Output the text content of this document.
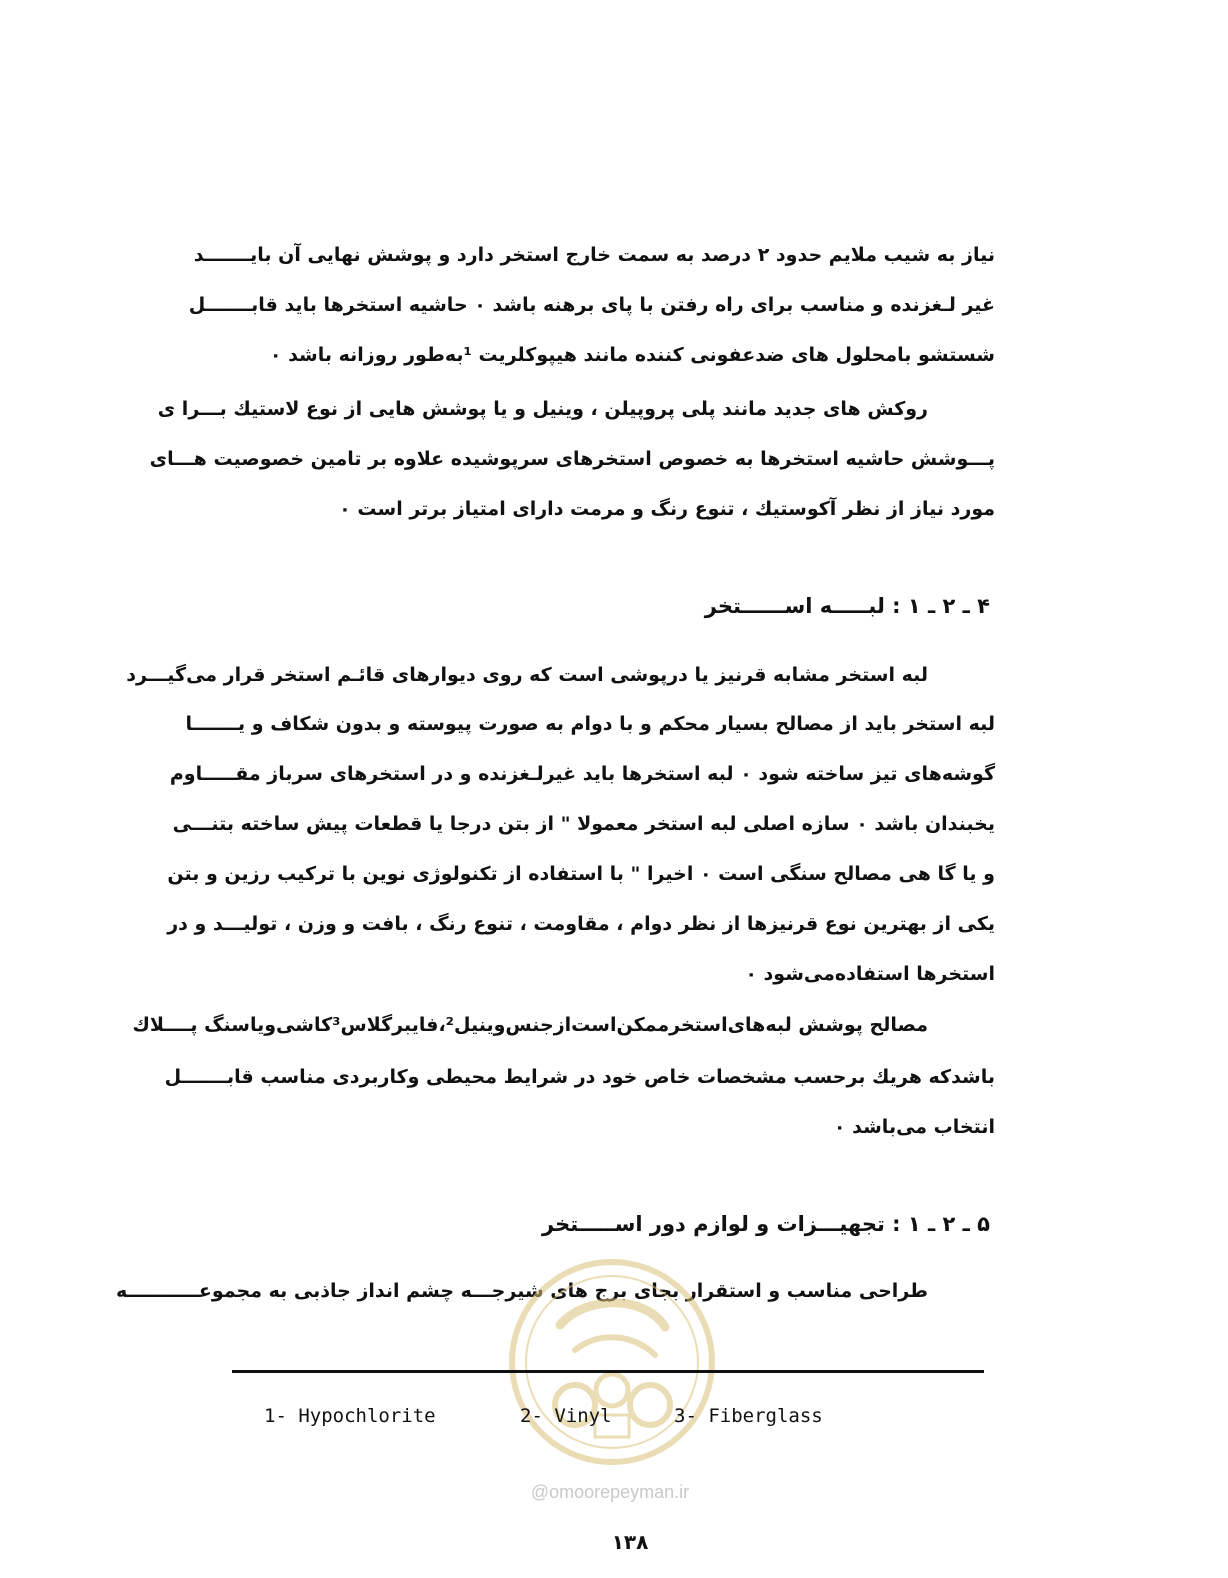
نیاز به شیب ملایم حدود ۲ درصد به سمت خارج استخر دارد و پوشش نهایی آن بایـــــــد
غیر لـغزنده و مناسب برای راه رفتن با پای برهنه باشد ٠ حاشیه استخرها باید قابـــــــل
شستشو بامحلول های ضدعفونی کننده مانند هیپوکلریت ¹به‌طور روزانه باشد ٠
روکش های جدید مانند پلی پروپیلن ، وینیل و یا پوشش هایی از نوع لاستیك بـــرا ی
پـــوشش حاشیه استخرها به خصوص استخرهای سرپوشیده علاوه بر تامین خصوصیت هـــای
مورد نیاز از نظر آکوستیك ، تنوع رنگ و مرمت دارای امتیاز برتر است ٠
۴ ـ ۲ ـ ۱ : لبـــــه اســــــتخر
لبه استخر مشابه قرنیز یا درپوشی است که روی دیوارهای قائـم استخر قرار می‌گیـــرد
لبه استخر باید از مصالح بسیار محکم و با دوام به صورت پیوسته و بدون شکاف و یـــــــا
گوشه‌های تیز ساخته شود ٠ لبه استخرها باید غیرلـغزنده و در استخرهای سرباز مقـــــاوم
یخبندان باشد ٠ سازه اصلی لبه استخر معمولا " از بتن درجا یا قطعات پیش ساخته بتنـــی
و یا گا هی مصالح سنگی است ٠ اخیرا " با استفاده از تکنولوژی نوین با ترکیب رزین و بتن
یکی از بهترین نوع قرنیزها از نظر دوام ، مقاومت ، تنوع رنگ ، بافت و وزن ، تولیـــد و در
استخرها استفاده‌می‌شود ٠
مصالح پوشش لبه‌های‌استخرممکن‌است‌ازجنس‌وینیل²،فایبرگلاس³کاشی‌ویاسنگ پــــلاك
باشدکه هریك برحسب مشخصات خاص خود در شرایط محیطی وکاربردی مناسب قابـــــــل
انتخاب می‌باشد ٠
۵ ـ ۲ ـ ۱ : تجهیـــزات و لوازم دور اســـــتخر
طراحی مناسب و استقرار بجای برج های شیرجـــه چشم انداز جاذبی به مجموعـــــــــــه
1- Hypochlorite	2- Vinyl	3- Fiberglass
@omoorepeyman.ir
۱۳۸
